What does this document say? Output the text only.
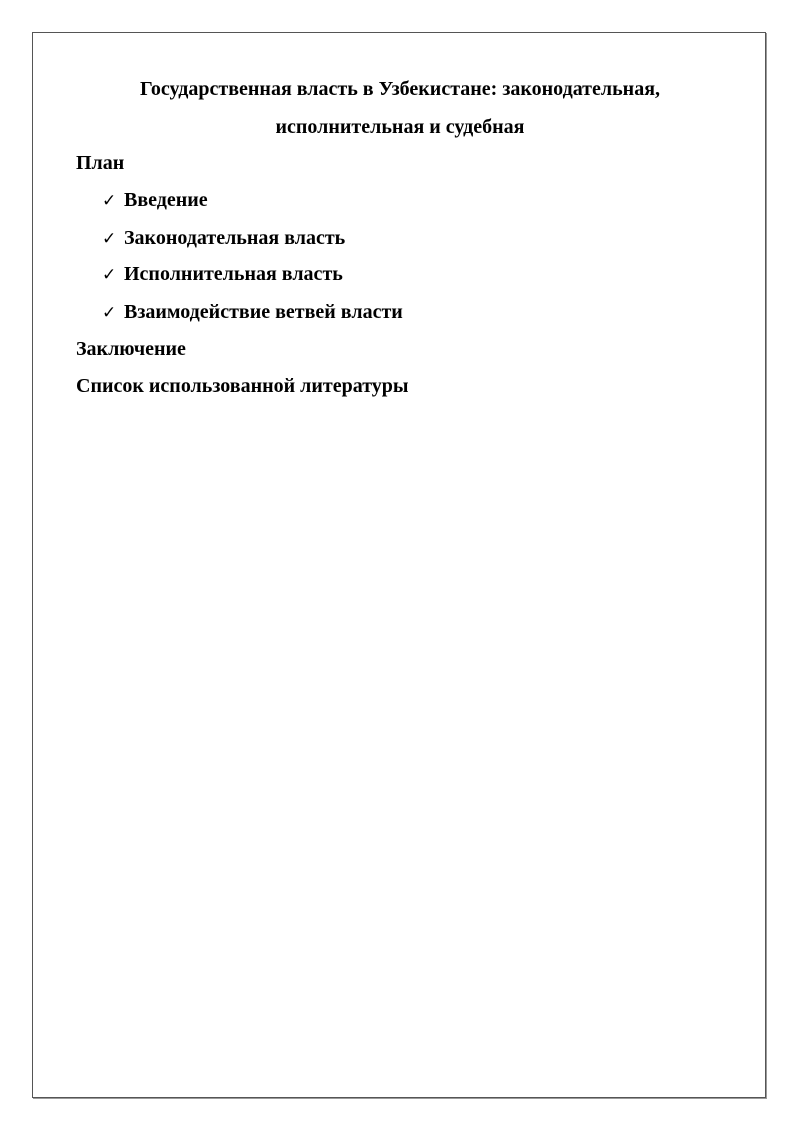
Государственная власть в Узбекистане: законодательная,
исполнительная и судебная
План
✓ Введение
✓ Законодательная власть
✓ Исполнительная власть
✓ Взаимодействие ветвей власти
Заключение
Список использованной литературы
